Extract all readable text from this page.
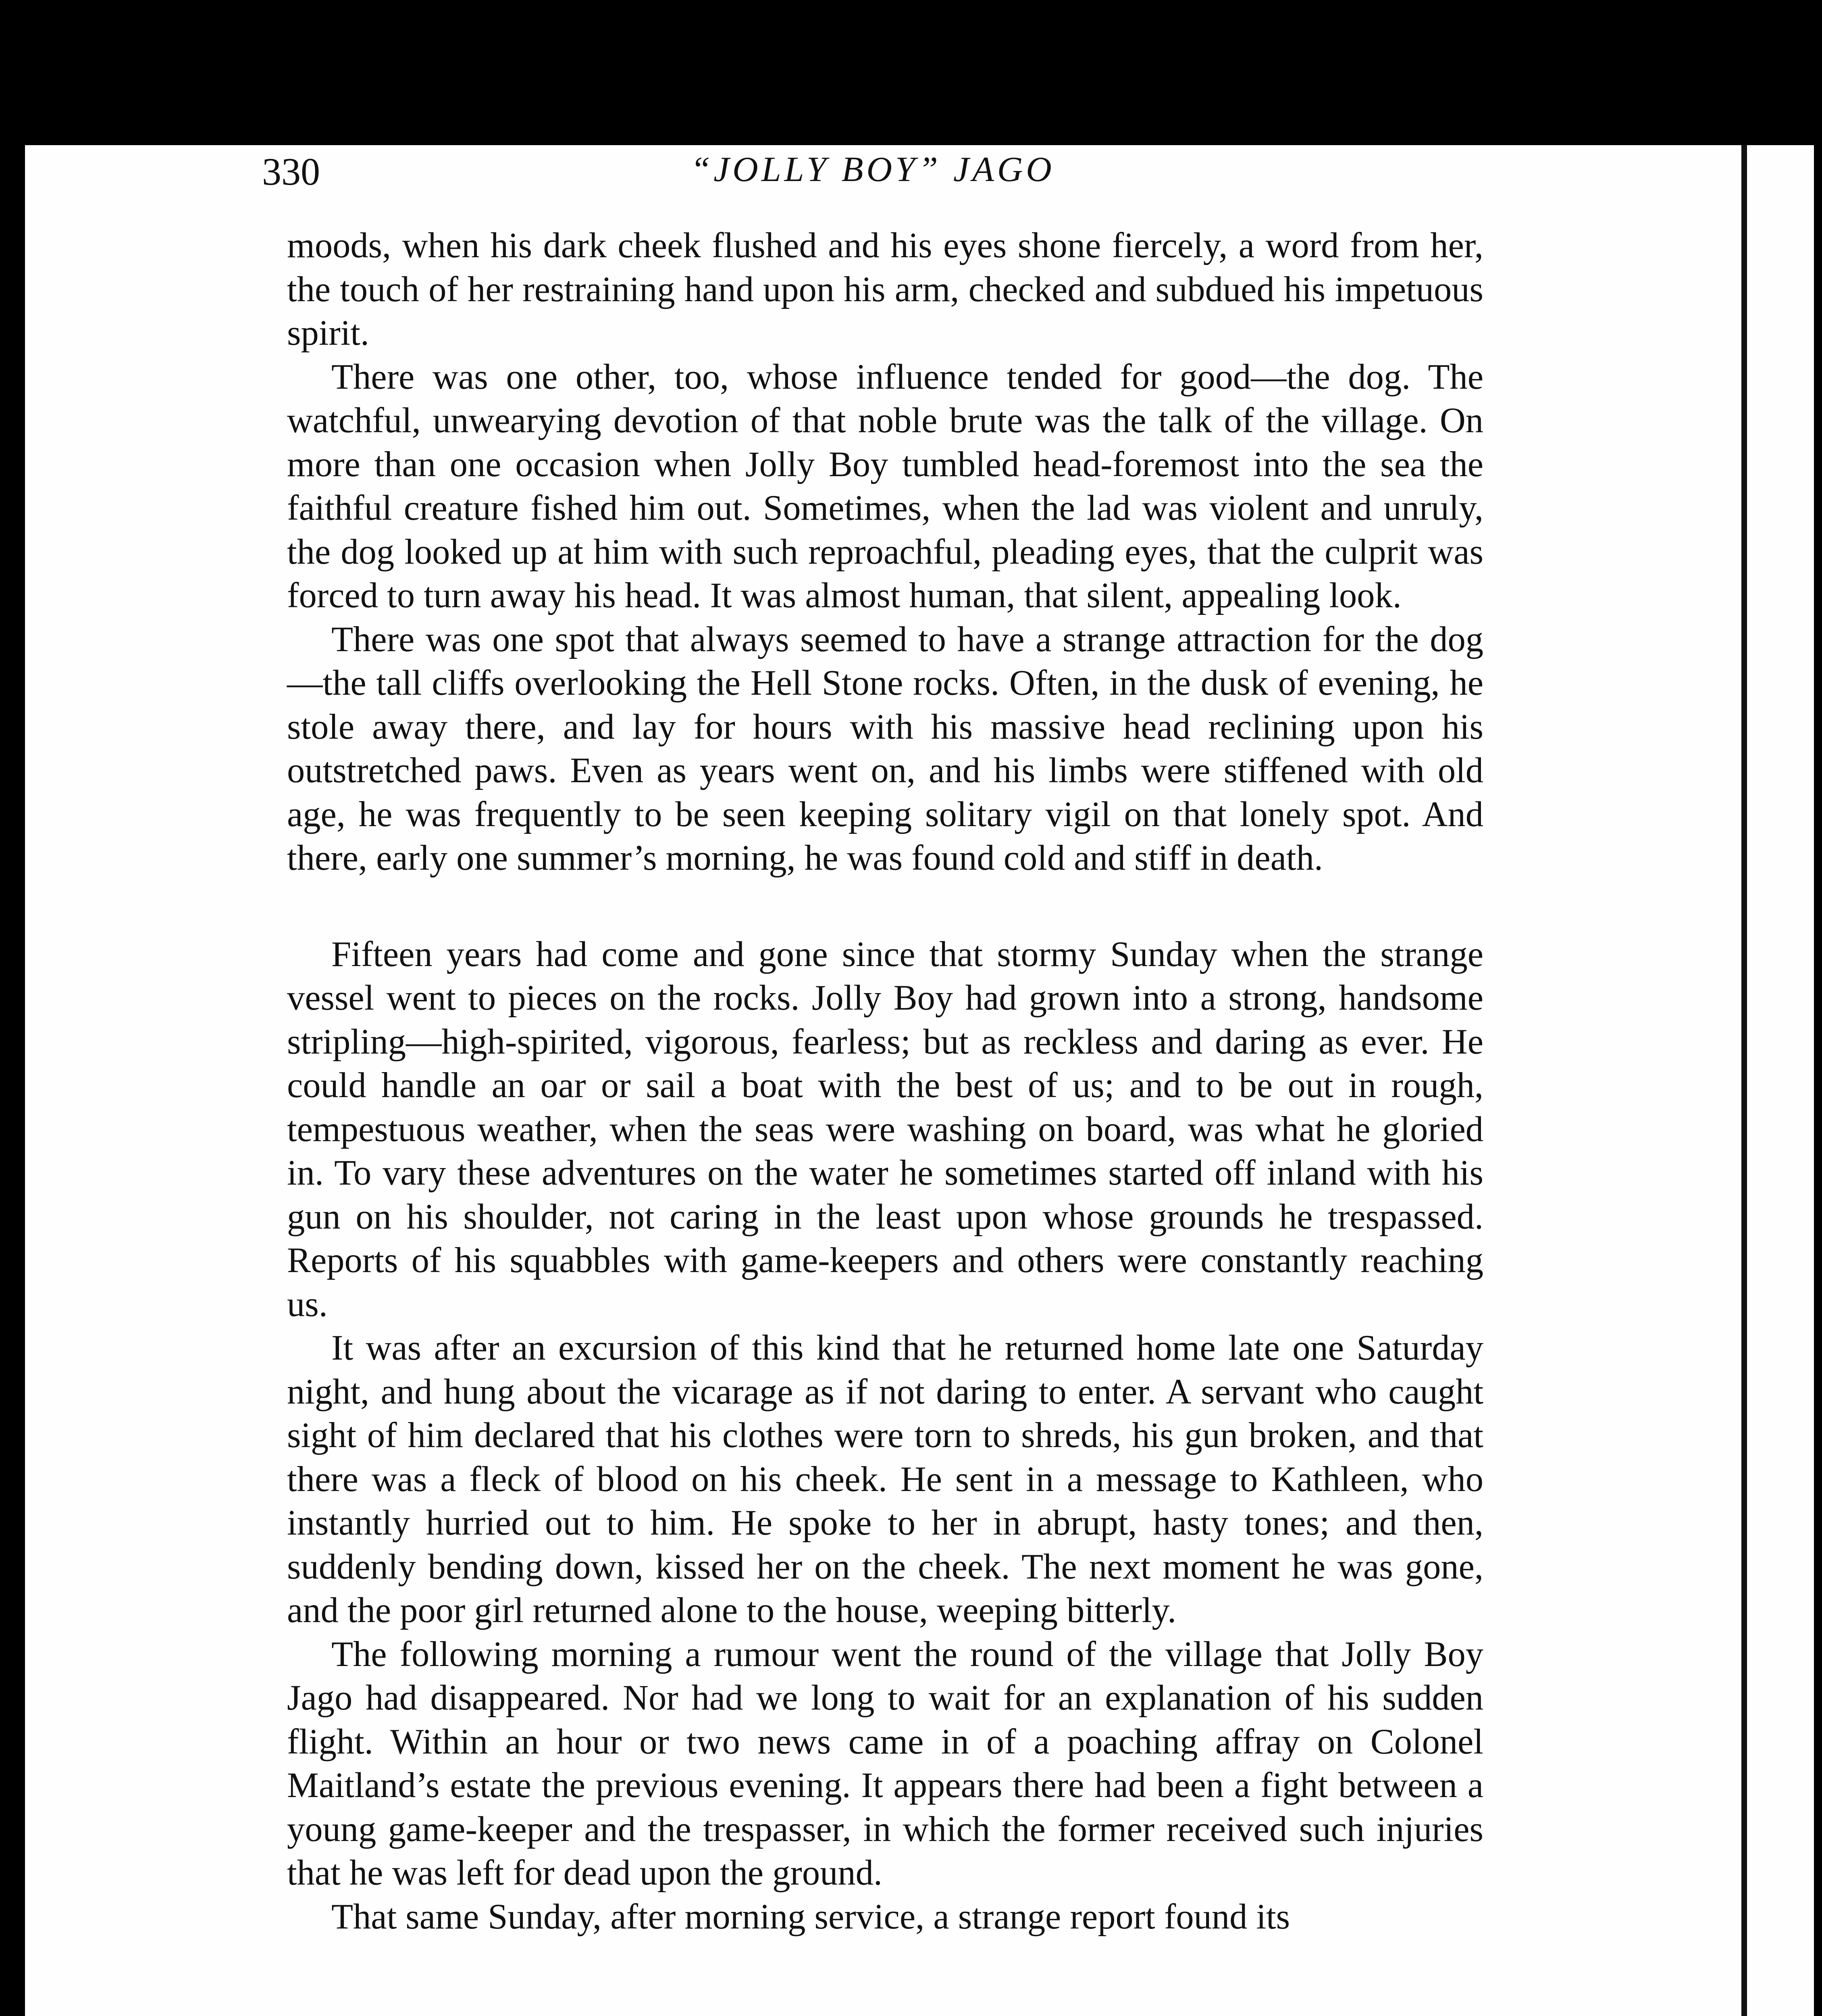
330	“JOLLY BOY” JAGO

moods, when his dark cheek flushed and his eyes shone fiercely, a word from her, the touch of her restraining hand upon his arm, checked and subdued his impetuous spirit.

There was one other, too, whose influence tended for good—the dog. The watchful, unwearying devotion of that noble brute was the talk of the village. On more than one occasion when Jolly Boy tumbled head-foremost into the sea the faithful creature fished him out. Sometimes, when the lad was violent and unruly, the dog looked up at him with such reproachful, pleading eyes, that the culprit was forced to turn away his head. It was almost human, that silent, appealing look.

There was one spot that always seemed to have a strange attraction for the dog—the tall cliffs overlooking the Hell Stone rocks. Often, in the dusk of evening, he stole away there, and lay for hours with his massive head reclining upon his outstretched paws. Even as years went on, and his limbs were stiffened with old age, he was frequently to be seen keeping solitary vigil on that lonely spot. And there, early one summer’s morning, he was found cold and stiff in death.

Fifteen years had come and gone since that stormy Sunday when the strange vessel went to pieces on the rocks. Jolly Boy had grown into a strong, handsome stripling—high-spirited, vigorous, fearless; but as reckless and daring as ever. He could handle an oar or sail a boat with the best of us; and to be out in rough, tempestuous weather, when the seas were washing on board, was what he gloried in. To vary these adventures on the water he sometimes started off inland with his gun on his shoulder, not caring in the least upon whose grounds he trespassed. Reports of his squabbles with game-keepers and others were constantly reaching us.

It was after an excursion of this kind that he returned home late one Saturday night, and hung about the vicarage as if not daring to enter. A servant who caught sight of him declared that his clothes were torn to shreds, his gun broken, and that there was a fleck of blood on his cheek. He sent in a message to Kathleen, who instantly hurried out to him. He spoke to her in abrupt, hasty tones; and then, suddenly bending down, kissed her on the cheek. The next moment he was gone, and the poor girl returned alone to the house, weeping bitterly.

The following morning a rumour went the round of the village that Jolly Boy Jago had disappeared. Nor had we long to wait for an explanation of his sudden flight. Within an hour or two news came in of a poaching affray on Colonel Maitland’s estate the previous evening. It appears there had been a fight between a young game-keeper and the trespasser, in which the former received such injuries that he was left for dead upon the ground.

That same Sunday, after morning service, a strange report found its
